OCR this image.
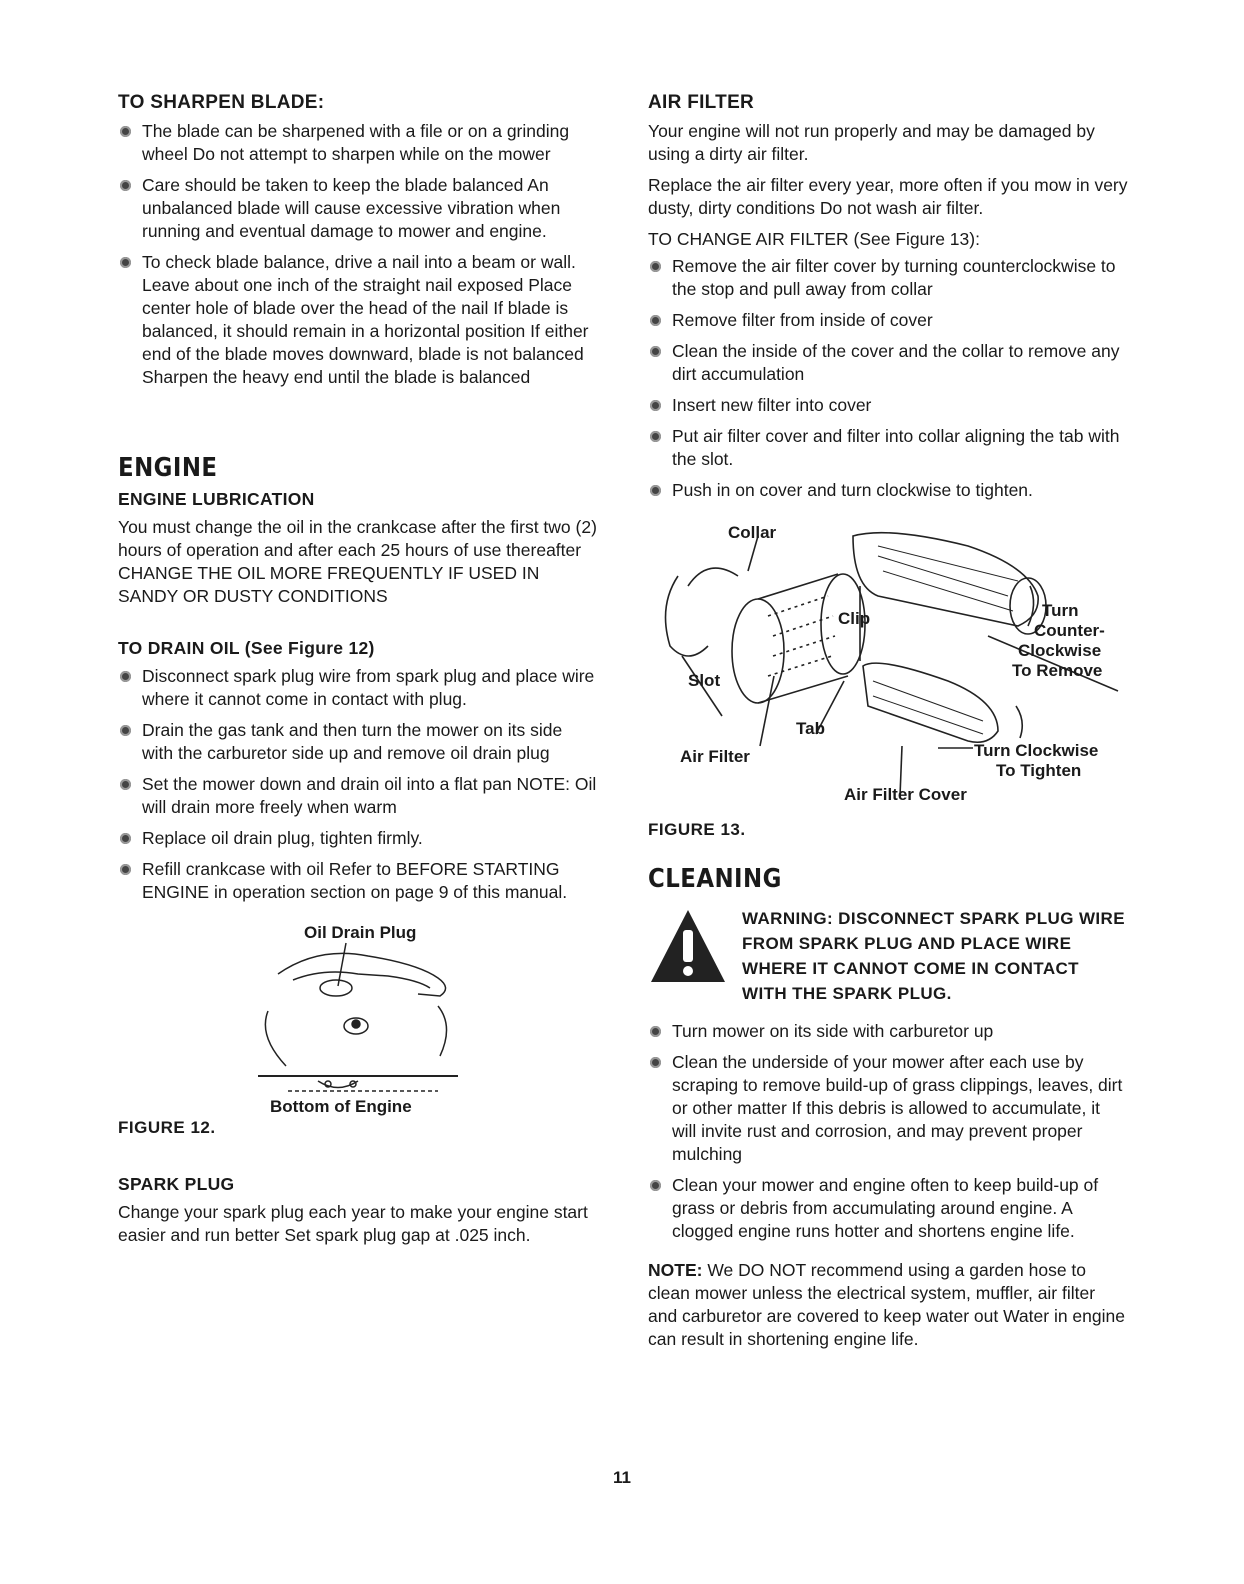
TO SHARPEN BLADE:
The blade can be sharpened with a file or on a grinding wheel Do not attempt to sharpen while on the mower
Care should be taken to keep the blade balanced An unbalanced blade will cause excessive vibration when running and eventual damage to mower and engine.
To check blade balance, drive a nail into a beam or wall. Leave about one inch of the straight nail exposed Place center hole of blade over the head of the nail If blade is balanced, it should remain in a horizontal position If either end of the blade moves downward, blade is not balanced Sharpen the heavy end until the blade is balanced
ENGINE
ENGINE LUBRICATION

You must change the oil in the crankcase after the first two (2) hours of operation and after each 25 hours of use thereafter CHANGE THE OIL MORE FREQUENTLY IF USED IN SANDY OR DUSTY CONDITIONS

TO DRAIN OIL (See Figure 12)
Disconnect spark plug wire from spark plug and place wire where it cannot come in contact with plug.
Drain the gas tank and then turn the mower on its side with the carburetor side up and remove oil drain plug
Set the mower down and drain oil into a flat pan NOTE: Oil will drain more freely when warm
Replace oil drain plug, tighten firmly.
Refill crankcase with oil Refer to BEFORE STARTING ENGINE in operation section on page 9 of this manual.
Oil Drain Plug
Bottom of Engine
FIGURE 12.
SPARK PLUG

Change your spark plug each year to make your engine start easier and run better Set spark plug gap at .025 inch.

AIR FILTER

Your engine will not run properly and may be damaged by using a dirty air filter.

Replace the air filter every year, more often if you mow in very dusty, dirty conditions Do not wash air filter.

TO CHANGE AIR FILTER (See Figure 13):

Remove the air filter cover by turning counterclockwise to the stop and pull away from collar
Remove filter from inside of cover
Clean the inside of the cover and the collar to remove any dirt accumulation
Insert new filter into cover
Put air filter cover and filter into collar aligning the tab with the slot.
Push in on cover and turn clockwise to tighten.
Collar
Clip
Slot
Tab
Air Filter
Turn
Counter-
Clockwise
To Remove
Turn Clockwise
To Tighten
Air Filter Cover
FIGURE 13.
CLEANING
WARNING: DISCONNECT SPARK PLUG WIRE FROM SPARK PLUG AND PLACE WIRE WHERE IT CANNOT COME IN CONTACT WITH THE SPARK PLUG.
Turn mower on its side with carburetor up
Clean the underside of your mower after each use by scraping to remove build-up of grass clippings, leaves, dirt or other matter If this debris is allowed to accumulate, it will invite rust and corrosion, and may prevent proper mulching
Clean your mower and engine often to keep build-up of grass or debris from accumulating around engine. A clogged engine runs hotter and shortens engine life.

NOTE: We DO NOT recommend using a garden hose to clean mower unless the electrical system, muffler, air filter and carburetor are covered to keep water out Water in engine can result in shortening engine life.

11
